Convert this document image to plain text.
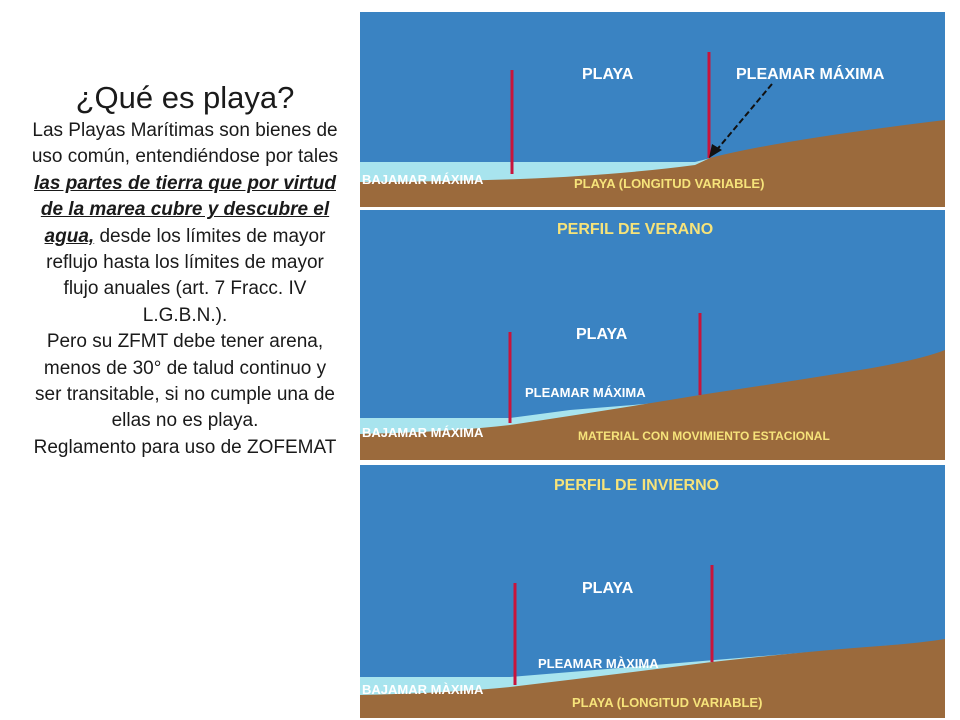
¿Qué es playa?

Las Playas Marítimas son bienes de uso común, entendiéndose por tales las partes de tierra que por virtud de la marea cubre y descubre el agua, desde los límites de mayor reflujo hasta los límites de mayor flujo anuales (art. 7 Fracc. IV L.G.B.N.).

Pero su ZFMT debe tener arena, menos de 30° de talud continuo y ser transitable, si no cumple una de ellas no es playa.

Reglamento para uso de ZOFEMAT

PLAYA	PLEAMAR MÁXIMA
BAJAMAR MÁXIMA	PLAYA (LONGITUD VARIABLE)
PERFIL DE VERANO
PLAYA
PLEAMAR MÁXIMA
BAJAMAR MÁXIMA	MATERIAL CON MOVIMIENTO ESTACIONAL
PERFIL DE INVIERNO
PLAYA
PLEAMAR MÀXIMA
BAJAMAR MÀXIMA
PLAYA (LONGITUD VARIABLE)
